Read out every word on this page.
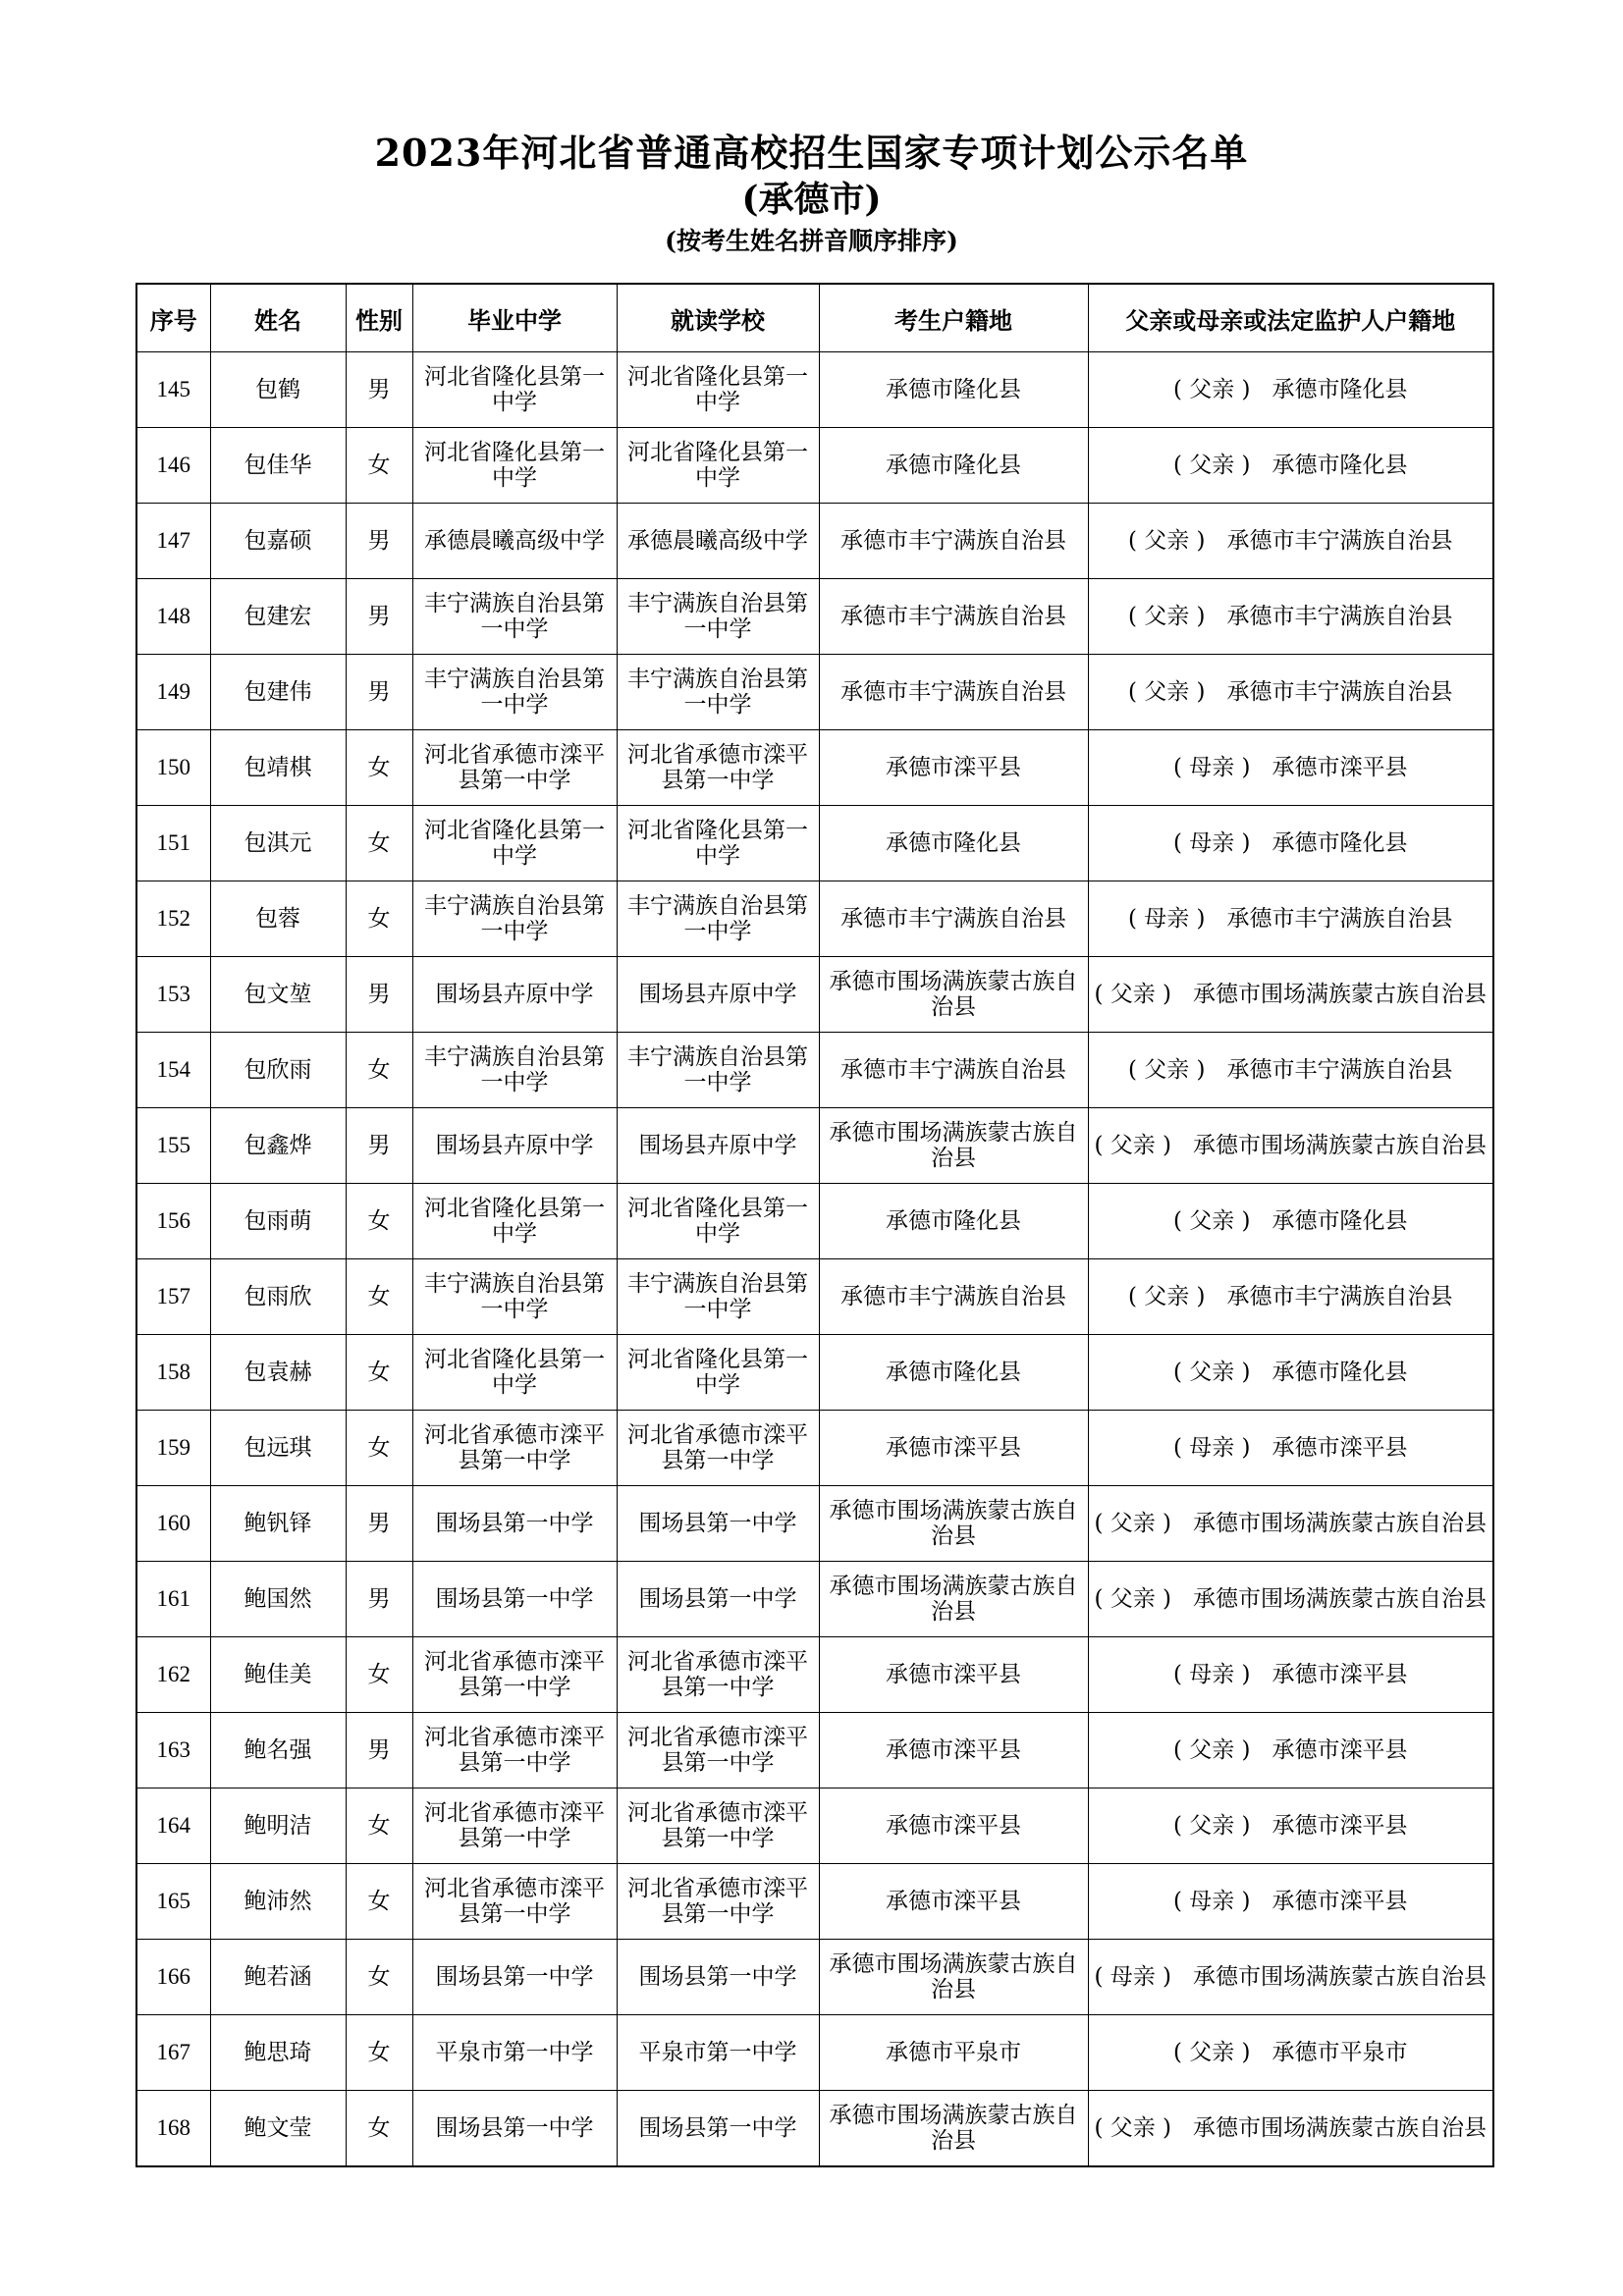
2023年河北省普通高校招生国家专项计划公示名单
(承德市)
(按考生姓名拼音顺序排序)
序号	姓名	性别	毕业中学	就读学校	考生户籍地	父亲或母亲或法定监护人户籍地
145	包鹤	男	河北省隆化县第一中学	河北省隆化县第一中学	承德市隆化县	( 父亲 ) 承德市隆化县
146	包佳华	女	河北省隆化县第一中学	河北省隆化县第一中学	承德市隆化县	( 父亲 ) 承德市隆化县
147	包嘉硕	男	承德晨曦高级中学	承德晨曦高级中学	承德市丰宁满族自治县	( 父亲 ) 承德市丰宁满族自治县
148	包建宏	男	丰宁满族自治县第一中学	丰宁满族自治县第一中学	承德市丰宁满族自治县	( 父亲 ) 承德市丰宁满族自治县
149	包建伟	男	丰宁满族自治县第一中学	丰宁满族自治县第一中学	承德市丰宁满族自治县	( 父亲 ) 承德市丰宁满族自治县
150	包靖棋	女	河北省承德市滦平县第一中学	河北省承德市滦平县第一中学	承德市滦平县	( 母亲 ) 承德市滦平县
151	包淇元	女	河北省隆化县第一中学	河北省隆化县第一中学	承德市隆化县	( 母亲 ) 承德市隆化县
152	包蓉	女	丰宁满族自治县第一中学	丰宁满族自治县第一中学	承德市丰宁满族自治县	( 母亲 ) 承德市丰宁满族自治县
153	包文堃	男	围场县卉原中学	围场县卉原中学	承德市围场满族蒙古族自治县	( 父亲 ) 承德市围场满族蒙古族自治县
154	包欣雨	女	丰宁满族自治县第一中学	丰宁满族自治县第一中学	承德市丰宁满族自治县	( 父亲 ) 承德市丰宁满族自治县
155	包鑫烨	男	围场县卉原中学	围场县卉原中学	承德市围场满族蒙古族自治县	( 父亲 ) 承德市围场满族蒙古族自治县
156	包雨萌	女	河北省隆化县第一中学	河北省隆化县第一中学	承德市隆化县	( 父亲 ) 承德市隆化县
157	包雨欣	女	丰宁满族自治县第一中学	丰宁满族自治县第一中学	承德市丰宁满族自治县	( 父亲 ) 承德市丰宁满族自治县
158	包袁赫	女	河北省隆化县第一中学	河北省隆化县第一中学	承德市隆化县	( 父亲 ) 承德市隆化县
159	包远琪	女	河北省承德市滦平县第一中学	河北省承德市滦平县第一中学	承德市滦平县	( 母亲 ) 承德市滦平县
160	鲍钒铎	男	围场县第一中学	围场县第一中学	承德市围场满族蒙古族自治县	( 父亲 ) 承德市围场满族蒙古族自治县
161	鲍国然	男	围场县第一中学	围场县第一中学	承德市围场满族蒙古族自治县	( 父亲 ) 承德市围场满族蒙古族自治县
162	鲍佳美	女	河北省承德市滦平县第一中学	河北省承德市滦平县第一中学	承德市滦平县	( 母亲 ) 承德市滦平县
163	鲍名强	男	河北省承德市滦平县第一中学	河北省承德市滦平县第一中学	承德市滦平县	( 父亲 ) 承德市滦平县
164	鲍明洁	女	河北省承德市滦平县第一中学	河北省承德市滦平县第一中学	承德市滦平县	( 父亲 ) 承德市滦平县
165	鲍沛然	女	河北省承德市滦平县第一中学	河北省承德市滦平县第一中学	承德市滦平县	( 母亲 ) 承德市滦平县
166	鲍若涵	女	围场县第一中学	围场县第一中学	承德市围场满族蒙古族自治县	( 母亲 ) 承德市围场满族蒙古族自治县
167	鲍思琦	女	平泉市第一中学	平泉市第一中学	承德市平泉市	( 父亲 ) 承德市平泉市
168	鲍文莹	女	围场县第一中学	围场县第一中学	承德市围场满族蒙古族自治县	( 父亲 ) 承德市围场满族蒙古族自治县
